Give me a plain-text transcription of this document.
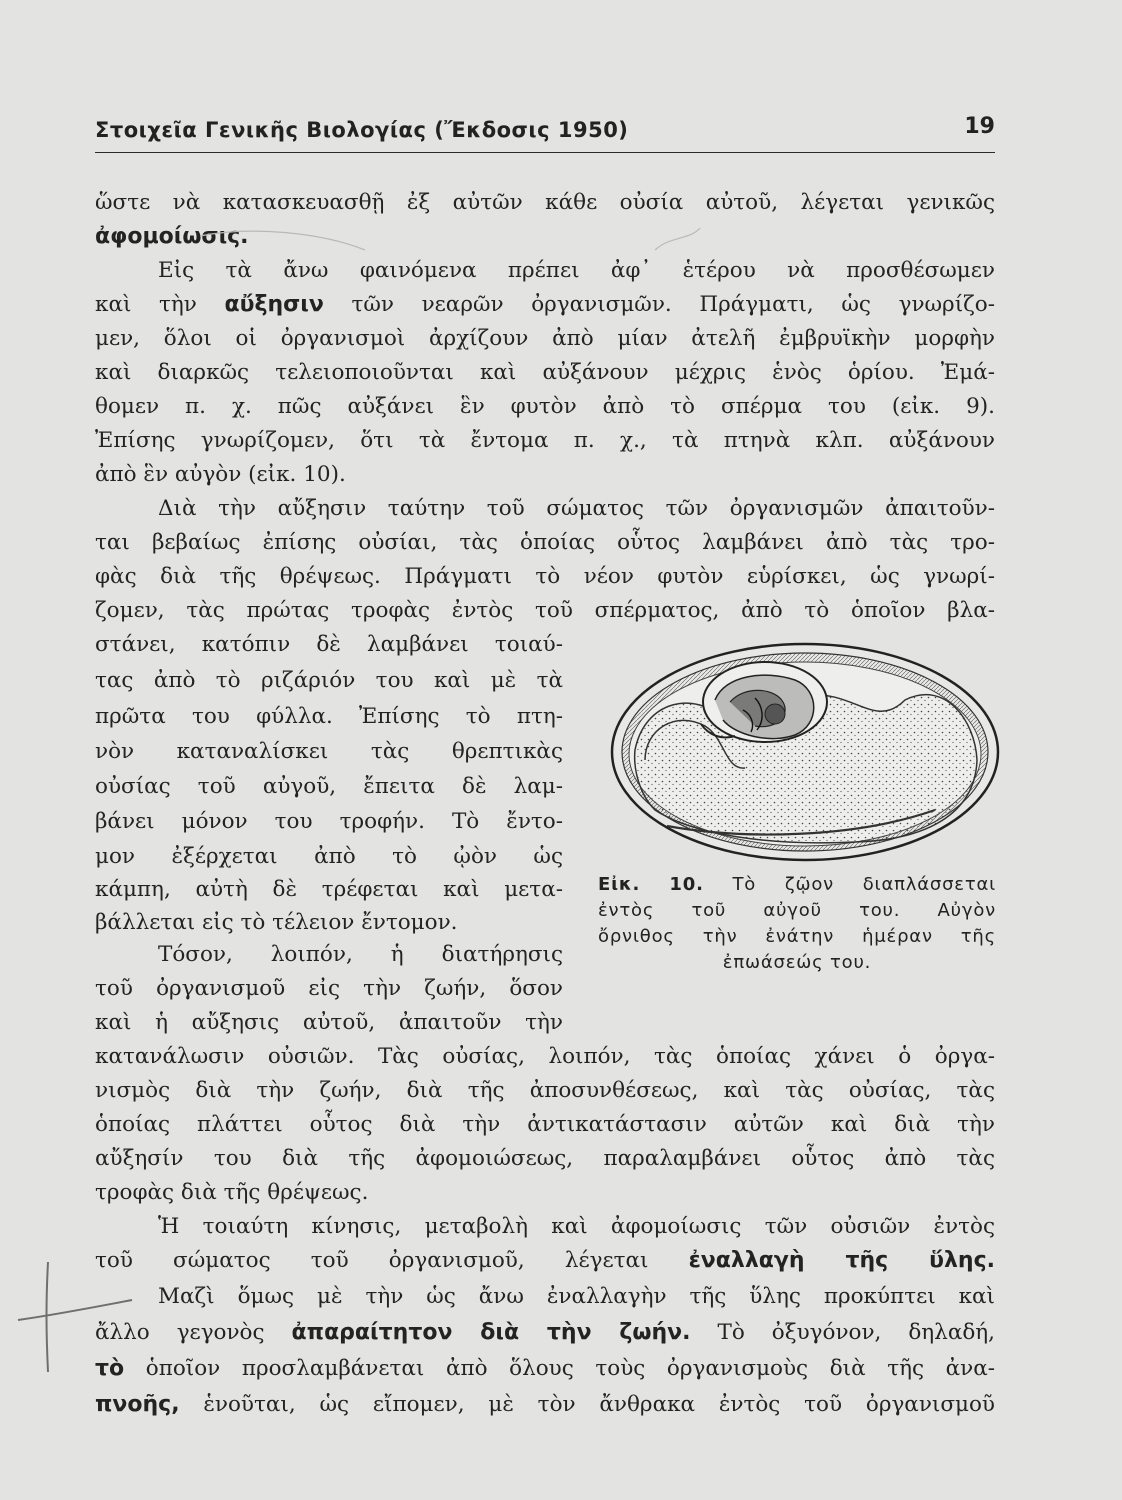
Στοιχεῖα Γενικῆς Βιολογίας (Ἔκδοσις 1950)	19
ὥστε νὰ κατασκευασθῇ ἐξ αὐτῶν κάθε οὐσία αὐτοῦ, λέγεται γενικῶς
ἀφομοίωσις.
Εἰς τὰ ἄνω φαινόμενα πρέπει ἀφ᾽ ἑτέρου νὰ προσθέσωμεν
καὶ τὴν αὔξησιν τῶν νεαρῶν ὀργανισμῶν. Πράγματι, ὡς γνωρίζο-
μεν, ὅλοι οἱ ὀργανισμοὶ ἀρχίζουν ἀπὸ μίαν ἀτελῆ ἐμβρυϊκὴν μορφὴν
καὶ διαρκῶς τελειοποιοῦνται καὶ αὐξάνουν μέχρις ἑνὸς ὁρίου. Ἐμά-
θομεν π. χ. πῶς αὐξάνει ἓν φυτὸν ἀπὸ τὸ σπέρμα του (εἰκ. 9).
Ἐπίσης γνωρίζομεν, ὅτι τὰ ἔντομα π. χ., τὰ πτηνὰ κλπ. αὐξάνουν
ἀπὸ ἓν αὐγὸν (εἰκ. 10).
Διὰ τὴν αὔξησιν ταύτην τοῦ σώματος τῶν ὀργανισμῶν ἀπαιτοῦν-
ται βεβαίως ἐπίσης οὐσίαι, τὰς ὁποίας οὗτος λαμβάνει ἀπὸ τὰς τρο-
φὰς διὰ τῆς θρέψεως. Πράγματι τὸ νέον φυτὸν εὑρίσκει, ὡς γνωρί-
ζομεν, τὰς πρώτας τροφὰς ἐντὸς τοῦ σπέρματος, ἀπὸ τὸ ὁποῖον βλα-
στάνει, κατόπιν δὲ λαμβάνει τοιαύ-
τας ἀπὸ τὸ ριζάριόν του καὶ μὲ τὰ
πρῶτα του φύλλα. Ἐπίσης τὸ πτη-
νὸν καταναλίσκει τὰς θρεπτικὰς
οὐσίας τοῦ αὐγοῦ, ἔπειτα δὲ λαμ-
βάνει μόνον του τροφήν. Τὸ ἔντο-
μον ἐξέρχεται ἀπὸ τὸ ᾠὸν ὡς
κάμπη, αὐτὴ δὲ τρέφεται καὶ μετα-
βάλλεται εἰς τὸ τέλειον ἔντομον.
Τόσον, λοιπόν, ἡ διατήρησις
τοῦ ὀργανισμοῦ εἰς τὴν ζωήν, ὅσον
καὶ ἡ αὔξησις αὐτοῦ, ἀπαιτοῦν τὴν
κατανάλωσιν οὐσιῶν. Τὰς οὐσίας, λοιπόν, τὰς ὁποίας χάνει ὁ ὀργα-
νισμὸς διὰ τὴν ζωήν, διὰ τῆς ἀποσυνθέσεως, καὶ τὰς οὐσίας, τὰς
ὁποίας πλάττει οὗτος διὰ τὴν ἀντικατάστασιν αὐτῶν καὶ διὰ τὴν
αὔξησίν του διὰ τῆς ἀφομοιώσεως, παραλαμβάνει οὗτος ἀπὸ τὰς
τροφὰς διὰ τῆς θρέψεως.
Ἡ τοιαύτη κίνησις, μεταβολὴ καὶ ἀφομοίωσις τῶν οὐσιῶν ἐντὸς
τοῦ σώματος τοῦ ὀργανισμοῦ, λέγεται ἐναλλαγὴ τῆς ὕλης.
Μαζὶ ὅμως μὲ τὴν ὡς ἄνω ἐναλλαγὴν τῆς ὕλης προκύπτει καὶ
ἄλλο γεγονὸς ἀπαραίτητον διὰ τὴν ζωήν. Τὸ ὀξυγόνον, δηλαδή,
τὸ ὁποῖον προσλαμβάνεται ἀπὸ ὅλους τοὺς ὀργανισμοὺς διὰ τῆς ἀνα-
πνοῆς, ἑνοῦται, ὡς εἴπομεν, μὲ τὸν ἄνθρακα ἐντὸς τοῦ ὀργανισμοῦ
Εἰκ. 10. Τὸ ζῷον διαπλάσσεται
ἐντὸς τοῦ αὐγοῦ του. Αὐγὸν
ὄρνιθος τὴν ἐνάτην ἡμέραν τῆς
ἐπωάσεώς του.
